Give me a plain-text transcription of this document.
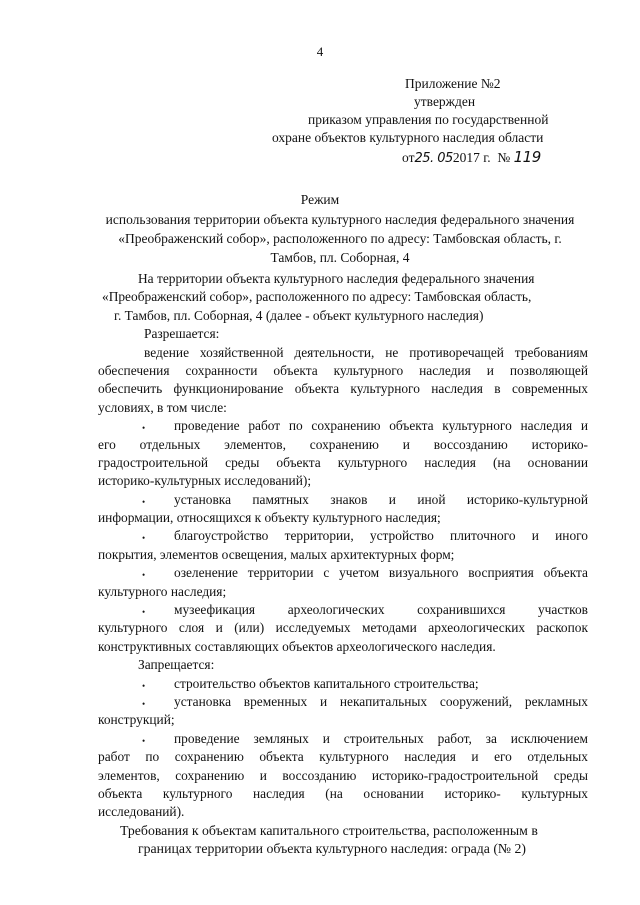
4
Приложение №2
утвержден
приказом управления по государственной
охране объектов культурного наследия области
от25. 052017 г. № 119
Режим
использования территории объекта культурного наследия федерального значения «Преображенский собор», расположенного по адресу: Тамбовская область, г. Тамбов, пл. Соборная, 4
На территории объекта культурного наследия федерального значения
«Преображенский собор», расположенного по адресу: Тамбовская область,
г. Тамбов, пл. Соборная, 4 (далее - объект культурного наследия)
Разрешается:
ведение хозяйственной деятельности, не противоречащей требованиям
обеспечения сохранности объекта культурного наследия и позволяющей
обеспечить функционирование объекта культурного наследия в современных
условиях, в том числе:
•	проведение работ по сохранению объекта культурного наследия и
его отдельных элементов, сохранению и воссозданию историко-
градостроительной среды объекта культурного наследия (на основании
историко-культурных исследований);
•	установка памятных знаков и иной историко-культурной
информации, относящихся к объекту культурного наследия;
•	благоустройство территории, устройство плиточного и иного
покрытия, элементов освещения, малых архитектурных форм;
•	озеленение территории с учетом визуального восприятия объекта
культурного наследия;
•	музеефикация археологических сохранившихся участков
культурного слоя и (или) исследуемых методами археологических раскопок
конструктивных составляющих объектов археологического наследия.
Запрещается:
•	строительство объектов капитального строительства;
•	установка временных и некапитальных сооружений, рекламных
конструкций;
•	проведение земляных и строительных работ, за исключением
работ по сохранению объекта культурного наследия и его отдельных
элементов, сохранению и воссозданию историко-градостроительной среды
объекта культурного наследия (на основании историко- культурных
исследований).
Требования к объектам капитального строительства, расположенным в
границах территории объекта культурного наследия: ограда (№ 2)
